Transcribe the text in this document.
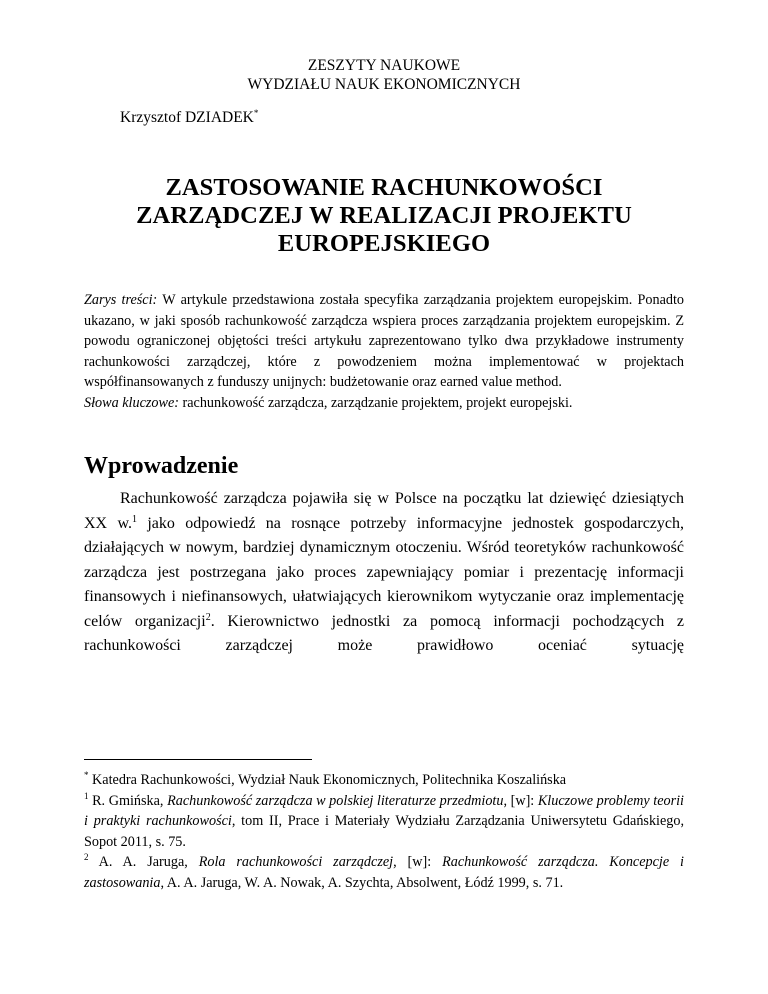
ZESZYTY NAUKOWE
WYDZIAŁU NAUK EKONOMICZNYCH
Krzysztof DZIADEK*
ZASTOSOWANIE RACHUNKOWOŚCI
ZARZĄDCZEJ W REALIZACJI PROJEKTU
EUROPEJSKIEGO

Zarys treści: W artykule przedstawiona została specyfika zarządzania projektem europejskim. Ponadto ukazano, w jaki sposób rachunkowość zarządcza wspiera proces zarządzania projektem europejskim. Z powodu ograniczonej objętości treści artykułu zaprezentowano tylko dwa przykładowe instrumenty rachunkowości zarządczej, które z powodzeniem można implementować w projektach współfinansowanych z funduszy unijnych: budżetowanie oraz earned value method.

Słowa kluczowe: rachunkowość zarządcza, zarządzanie projektem, projekt europejski.

Wprowadzenie

Rachunkowość zarządcza pojawiła się w Polsce na początku lat dziewięć dziesiątych XX w.$^1$ jako odpowiedź na rosnące potrzeby informacyjne jednostek gospodarczych, działających w nowym, bardziej dynamicznym otoczeniu. Wśród teoretyków rachunkowość zarządcza jest postrzegana jako proces zapewniający pomiar i prezentację informacji finansowych i niefinansowych, ułatwiających kierownikom wytyczanie oraz implementację celów organizacji$^2$. Kierownictwo jednostki za pomocą informacji pochodzących z rachunkowości zarządczej może prawidłowo oceniać sytuację

* Katedra Rachunkowości, Wydział Nauk Ekonomicznych, Politechnika Koszalińska

$^1$ R. Gmińska, Rachunkowość zarządcza w polskiej literaturze przedmiotu, [w]: Kluczowe problemy teorii i praktyki rachunkowości, tom II, Prace i Materiały Wydziału Zarządzania Uniwersytetu Gdańskiego, Sopot 2011, s. 75.

$^2$ A. A. Jaruga, Rola rachunkowości zarządczej, [w]: Rachunkowość zarządcza. Koncepcje i zastosowania, A. A. Jaruga, W. A. Nowak, A. Szychta, Absolwent, Łódź 1999, s. 71.
